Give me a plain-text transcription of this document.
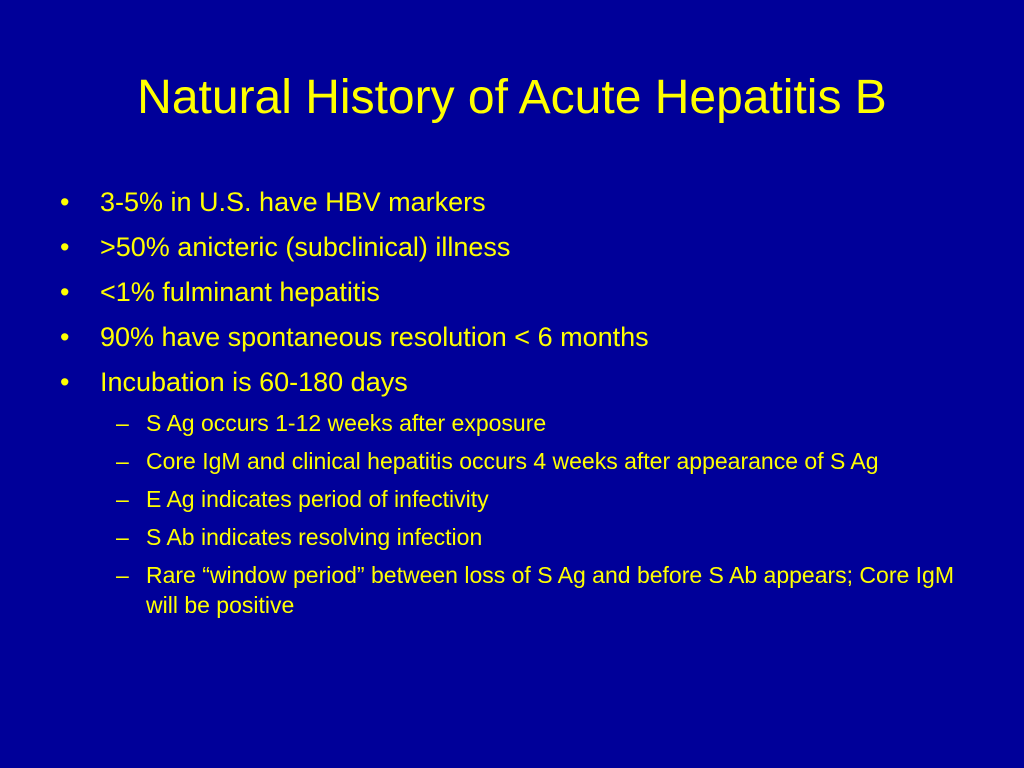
Natural History of Acute Hepatitis B
•	3-5% in U.S. have HBV markers
•	>50% anicteric (subclinical) illness
•	<1% fulminant hepatitis
•	90% have spontaneous resolution < 6 months
•	Incubation is 60-180 days
– S Ag occurs 1-12 weeks after exposure
– Core IgM and clinical hepatitis occurs 4 weeks after appearance of S Ag
– E Ag indicates period of infectivity
– S Ab indicates resolving infection
– Rare “window period” between loss of S Ag and before S Ab appears; Core IgM will be positive
